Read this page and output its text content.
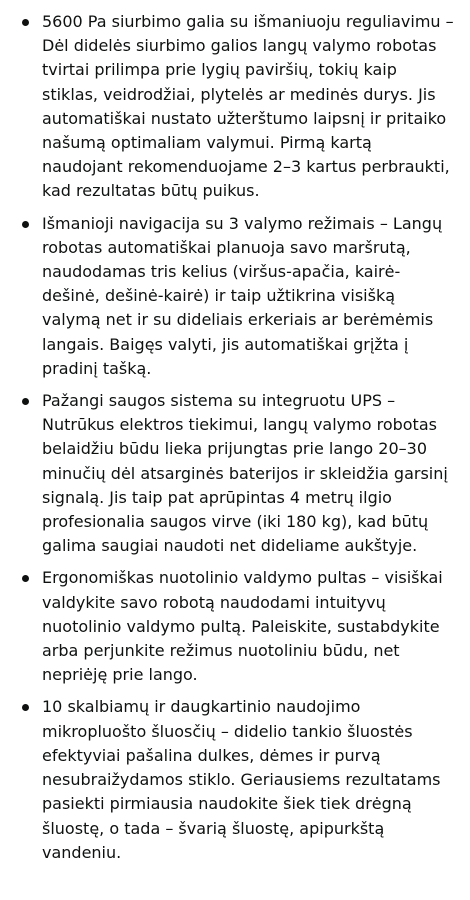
5600 Pa siurbimo galia su išmaniuoju reguliavimu – Dėl didelės siurbimo galios langų valymo robotas tvirtai prilimpa prie lygių paviršių, tokių kaip stiklas, veidrodžiai, plytelės ar medinės durys. Jis automatiškai nustato užterštumo laipsnį ir pritaiko našumą optimaliam valymui. Pirmą kartą naudojant rekomenduojame 2–3 kartus perbraukti, kad rezultatas būtų puikus.
Išmanioji navigacija su 3 valymo režimais – Langų robotas automatiškai planuoja savo maršrutą, naudodamas tris kelius (viršus-apačia, kairė-dešinė, dešinė-kairė) ir taip užtikrina visišką valymą net ir su dideliais erkeriais ar berėmėmis langais. Baigęs valyti, jis automatiškai grįžta į pradinį tašką.
Pažangi saugos sistema su integruotu UPS – Nutrūkus elektros tiekimui, langų valymo robotas belaidžiu būdu lieka prijungtas prie lango 20–30 minučių dėl atsarginės baterijos ir skleidžia garsinį signalą. Jis taip pat aprūpintas 4 metrų ilgio profesionalia saugos virve (iki 180 kg), kad būtų galima saugiai naudoti net dideliame aukštyje.
Ergonomiškas nuotolinio valdymo pultas – visiškai valdykite savo robotą naudodami intuityvų nuotolinio valdymo pultą. Paleiskite, sustabdykite arba perjunkite režimus nuotoliniu būdu, net nepriėję prie lango.
10 skalbiamų ir daugkartinio naudojimo mikropluošto šluosčių – didelio tankio šluostės efektyviai pašalina dulkes, dėmes ir purvą nesubraižydamos stiklo. Geriausiems rezultatams pasiekti pirmiausia naudokite šiek tiek drėgną šluostę, o tada – švarią šluostę, apipurkštą vandeniu.
